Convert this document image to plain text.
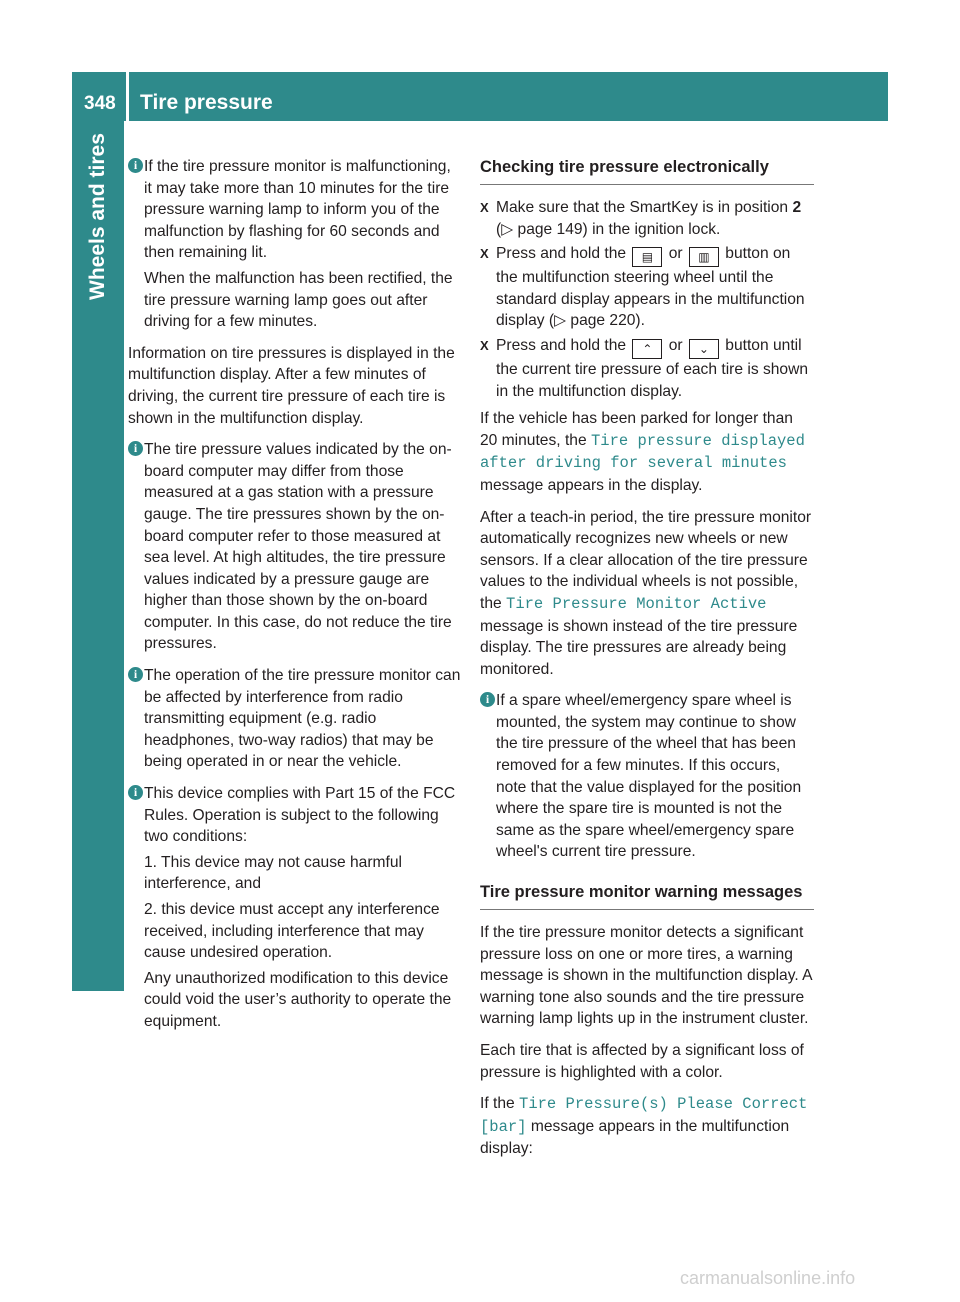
348 Tire pressure
Wheels and tires	i If the tire pressure monitor is malfunctioning, it may take more than 10 minutes for the tire pressure warning lamp to inform you of the malfunction by flashing for 60 seconds and then remaining lit.

When the malfunction has been rectified, the tire pressure warning lamp goes out after driving for a few minutes.

Information on tire pressures is displayed in the multifunction display. After a few minutes of driving, the current tire pressure of each tire is shown in the multifunction display.

i The tire pressure values indicated by the on-board computer may differ from those measured at a gas station with a pressure gauge. The tire pressures shown by the on-board computer refer to those measured at sea level. At high altitudes, the tire pressure values indicated by a pressure gauge are higher than those shown by the on-board computer. In this case, do not reduce the tire pressures.

i The operation of the tire pressure monitor can be affected by interference from radio transmitting equipment (e.g. radio headphones, two-way radios) that may be being operated in or near the vehicle.

i This device complies with Part 15 of the FCC Rules. Operation is subject to the following two conditions:

1. This device may not cause harmful interference, and

2. this device must accept any interference received, including interference that may cause undesired operation.

Any unauthorized modification to this device could void the user’s authority to operate the equipment.

Checking tire pressure electronically
X Make sure that the SmartKey is in position 2 (▷ page 149) in the ignition lock.
X Press and hold the ▤ or ▥ button on the multifunction steering wheel until the standard display appears in the multifunction display (▷ page 220).
X Press and hold the ⌃ or ⌄ button until the current tire pressure of each tire is shown in the multifunction display.

If the vehicle has been parked for longer than 20 minutes, the Tire pressure displayed after driving for several minutes message appears in the display.

After a teach-in period, the tire pressure monitor automatically recognizes new wheels or new sensors. If a clear allocation of the tire pressure values to the individual wheels is not possible, the Tire Pressure Monitor Active message is shown instead of the tire pressure display. The tire pressures are already being monitored.

i If a spare wheel/emergency spare wheel is mounted, the system may continue to show the tire pressure of the wheel that has been removed for a few minutes. If this occurs, note that the value displayed for the position where the spare tire is mounted is not the same as the spare wheel/emergency spare wheel's current tire pressure.

Tire pressure monitor warning messages

If the tire pressure monitor detects a significant pressure loss on one or more tires, a warning message is shown in the multifunction display. A warning tone also sounds and the tire pressure warning lamp lights up in the instrument cluster.

Each tire that is affected by a significant loss of pressure is highlighted with a color.

If the Tire Pressure(s) Please Correct [bar] message appears in the multifunction display:

carmanualsonline.info
